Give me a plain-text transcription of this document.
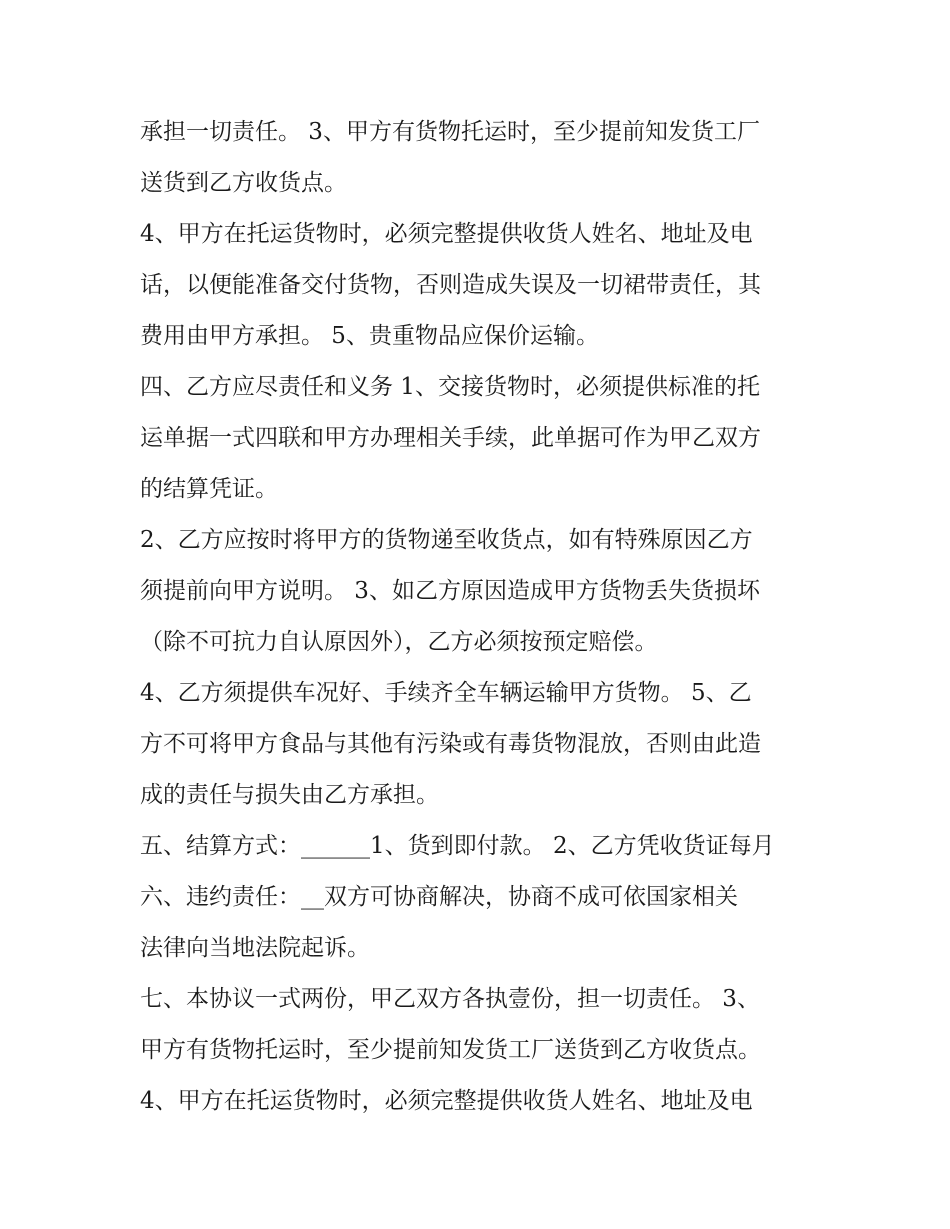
承担一切责任。 3、甲方有货物托运时，至少提前知发货工厂
送货到乙方收货点。
4、甲方在托运货物时，必须完整提供收货人姓名、地址及电
话，以便能准备交付货物，否则造成失误及一切裙带责任，其
费用由甲方承担。 5、贵重物品应保价运输。
四、乙方应尽责任和义务 1、交接货物时，必须提供标准的托
运单据一式四联和甲方办理相关手续，此单据可作为甲乙双方
的结算凭证。
2、乙方应按时将甲方的货物递至收货点，如有特殊原因乙方
须提前向甲方说明。 3、如乙方原因造成甲方货物丢失货损坏
（除不可抗力自认原因外），乙方必须按预定赔偿。
4、乙方须提供车况好、手续齐全车辆运输甲方货物。 5、乙
方不可将甲方食品与其他有污染或有毒货物混放，否则由此造
成的责任与损失由乙方承担。
五、结算方式：______1、货到即付款。 2、乙方凭收货证每月
六、违约责任：__双方可协商解决，协商不成可依国家相关
法律向当地法院起诉。
七、本协议一式两份，甲乙双方各执壹份，担一切责任。 3、
甲方有货物托运时，至少提前知发货工厂送货到乙方收货点。
4、甲方在托运货物时，必须完整提供收货人姓名、地址及电
